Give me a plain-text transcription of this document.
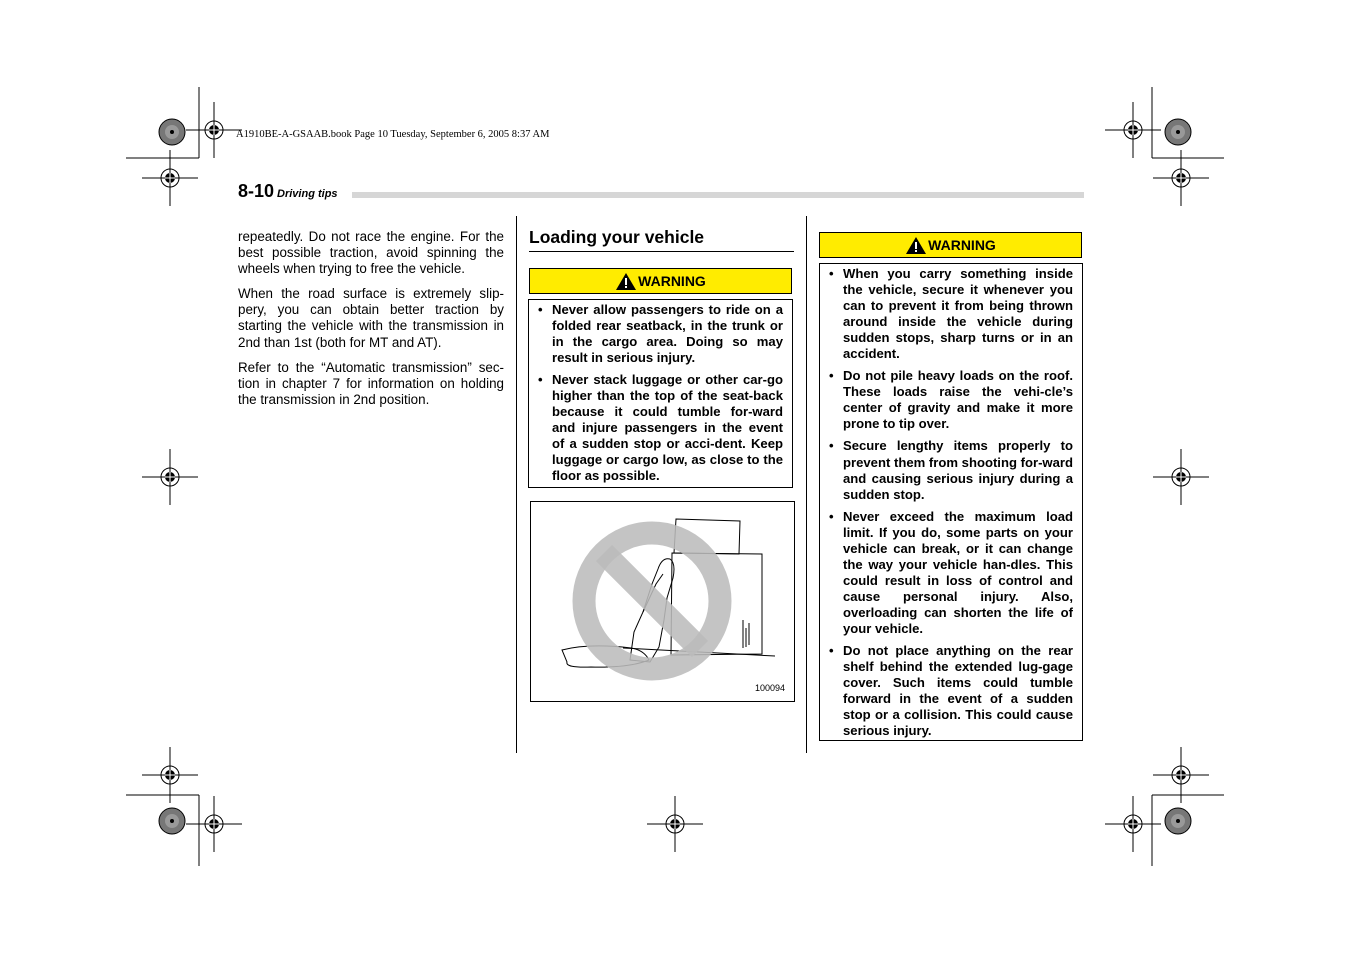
A1910BE-A-GSAAB.book Page 10 Tuesday, September 6, 2005 8:37 AM
8-10 Driving tips

repeatedly. Do not race the engine. For the best possible traction, avoid spinning the wheels when trying to free the vehicle.

When the road surface is extremely slip-pery, you can obtain better traction by starting the vehicle with the transmission in 2nd than 1st (both for MT and AT).

Refer to the “Automatic transmission” sec-tion in chapter 7 for information on holding the transmission in 2nd position.

Loading your vehicle
WARNING
• Never allow passengers to ride on a folded rear seatback, in the trunk or in the cargo area. Doing so may result in serious injury.
• Never stack luggage or other car-go higher than the top of the seat-back because it could tumble for-ward and injure passengers in the event of a sudden stop or acci-dent. Keep luggage or cargo low, as close to the floor as possible.
100094
WARNING
• When you carry something inside the vehicle, secure it whenever you can to prevent it from being thrown around inside the vehicle during sudden stops, sharp turns or in an accident.
• Do not pile heavy loads on the roof. These loads raise the vehi-cle’s center of gravity and make it more prone to tip over.
• Secure lengthy items properly to prevent them from shooting for-ward and causing serious injury during a sudden stop.
• Never exceed the maximum load limit. If you do, some parts on your vehicle can break, or it can change the way your vehicle han-dles. This could result in loss of control and cause personal injury. Also, overloading can shorten the life of your vehicle.
• Do not place anything on the rear shelf behind the extended lug-gage cover. Such items could tumble forward in the event of a sudden stop or a collision. This could cause serious injury.
